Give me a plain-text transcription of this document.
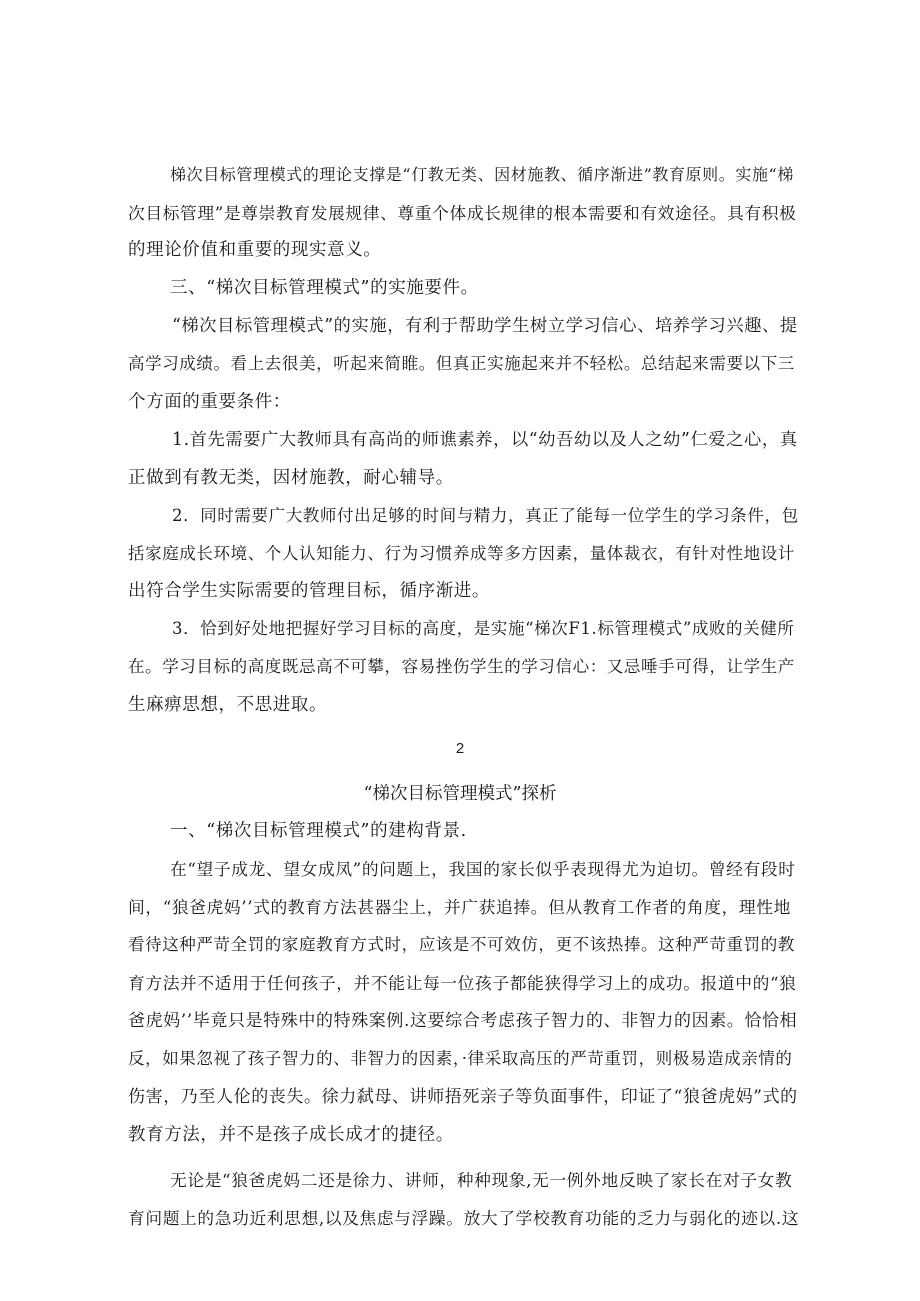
梯次目标管理模式的理论支撑是“仃教无类、因材施教、循序渐进”教育原则。实施“梯
次目标管理”是尊崇教育发展规律、尊重个体成长规律的根本需要和有效途径。具有积极
的理论价值和重要的现实意义。
三、“梯次目标管理模式”的实施要件。
“梯次目标管理模式”的实施，有利于帮助学生树立学习信心、培养学习兴趣、提
高学习成绩。看上去很美，听起来简睢。但真正实施起来并不轻松。总结起来需要以下三
个方面的重要条件：
1.首先需要广大教师具有高尚的师谯素养，以“幼吾幼以及人之幼”仁爱之心，真
正做到有教无类，因材施教，耐心辅导。
2．同时需要广大教师付出足够的时间与精力，真正了能每一位学生的学习条件，包
括家庭成长环境、个人认知能力、行为习惯养成等多方因素，量体裁衣，有针对性地设计
出符合学生实际需要的管理目标，循序渐进。
3．恰到好处地把握好学习目标的高度，是实施“梯次F1.标管理模式”成败的关健所
在。学习目标的高度既忌高不可攀，容易挫伤学生的学习信心：又忌唾手可得，让学生产
生麻痹思想，不思进取。
2
“梯次目标管理模式”探析
一、“梯次目标管理模式”的建构背景.
在“望子成龙、望女成凤”的问题上，我国的家长似乎表现得尤为迫切。曾经有段时
间，“狼爸虎妈’’式的教育方法甚器尘上，并广获追捧。但从教育工作者的角度，理性地
看待这种严苛全罚的家庭教育方式时，应该是不可效仿，更不该热捧。这种严苛重罚的教
育方法并不适用于任何孩子，并不能让每一位孩子都能狭得学习上的成功。报道中的“狼
爸虎妈’’毕竟只是特殊中的特殊案例.这要综合考虑孩子智力的、非智力的因素。恰恰相
反，如果忽视了孩子智力的、非智力的因素，·律采取高压的严苛重罚，则极易造成亲情的
伤害，乃至人伦的丧失。徐力弑母、讲师捂死亲子等负面事件，印证了“狼爸虎妈”式的
教育方法，并不是孩子成长成才的捷径。
无论是“狼爸虎妈二还是徐力、讲师，种种现象,无一例外地反映了家长在对子女教
育问题上的急功近利思想,以及焦虑与浮躁。放大了学校教育功能的乏力与弱化的迹以.这
